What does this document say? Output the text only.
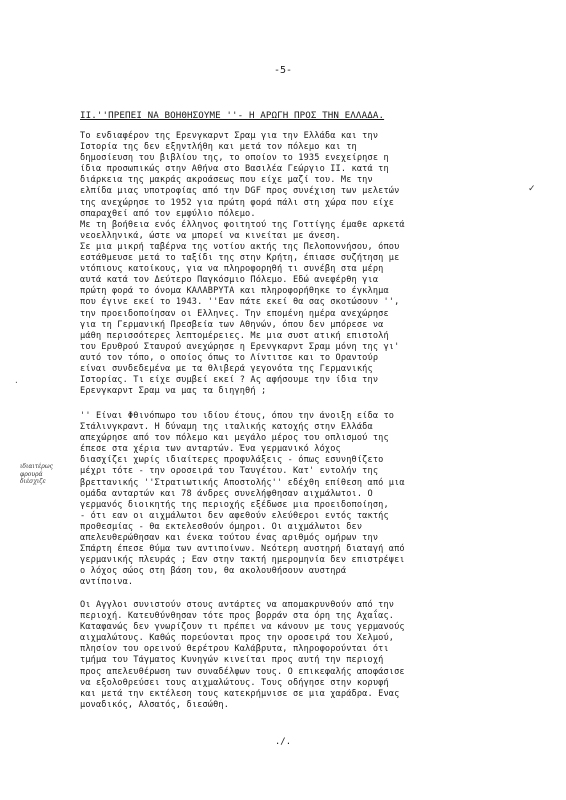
-5-
II.''ΠΡΕΠΕΙ ΝΑ ΒΟΗΘΗΣΟΥΜΕ ''- Η ΑΡΩΓΗ ΠΡΟΣ ΤΗΝ ΕΛΛΑΔΑ.
✓
·
Το ενδιαφέρον της Ερενγκαρντ Σραμ για την Ελλάδα και την
Ιστορία της δεν εξηντλήθη και μετά τον πόλεμο και τη
δημοσίευση του βιβλίου της, το οποίον το 1935 ενεχείρησε η
ίδια προσωπικώς στην Αθήνα στο Βασιλέα Γεώργιο ΙΙ. κατά τη
διάρκεια της μακράς ακροάσεως που είχε μαζί του. Με την
ελπίδα μιας υποτροφίας από την DGF προς συνέχιση των μελετών
της ανεχώρησε το 1952 για πρώτη φορά πάλι στη χώρα που είχε
σπαραχθεί από τον εμφύλιο πόλεμο.
Με τη βοήθεια ενός έλληνος φοιτητού της Γοττίγης έμαθε αρκετά
νεοελληνικά, ώστε να μπορεί να κινείται με άνεση.
Σε μια μικρή ταβέρνα της νοτίου ακτής της Πελοποννήσου, όπου
εστάθμευσε μετά το ταξίδι της στην Κρήτη, έπιασε συζήτηση με
ντόπιους κατοίκους, για να πληροφορηθή τι συνέβη στα μέρη
αυτά κατά τον Δεύτερο Παγκόσμιο Πόλεμο. Εδώ ανεφέρθη για
πρώτη φορά το όνομα ΚΑΛΑΒΡΥΤΑ και πληροφορήθηκε το έγκλημα
που έγινε εκεί το 1943. ''Εαν πάτε εκεί θα σας σκοτώσουν '',
την προειδοποίησαν οι Ελληνες. Την επομένη ημέρα ανεχώρησε
για τη Γερμανική Πρεσβεία των Αθηνών, όπου δεν μπόρεσε να
μάθη περισσότερες λεπτομέρειες. Με μια συστ ατική επιστολή
του Ερυθρού Σταυρού ανεχώρησε η Ερενγκαρντ Σραμ μόνη της γι'
αυτό τον τόπο, ο οποίος όπως το Λίντιτσε και το Οραντούρ
είναι συνδεδεμένα με τα θλιβερά γεγονότα της Γερμανικής
Ιστορίας. Τι είχε συμβεί εκεί ? Ας αφήσουμε την ίδια την
Ερενγκαρντ Σραμ να μας τα διηγηθή ;
ιδιαιτέρως
φρουρά
διέσχιζε
'' Είναι Φθινόπωρο του ιδίου έτους, όπου την άνοιξη είδα το
Στάλινγκραντ. Η δύναμη της ιταλικής κατοχής στην Ελλάδα
απεχώρησε από τον πόλεμο και μεγάλο μέρος του οπλισμού της
έπεσε στα χέρια των ανταρτών. Ένα γερμανικό λόχος
διασχίζει χωρίς ιδιαίτερες προφυλάξεις - όπως εσυνηθίζετο
μέχρι τότε - την οροσειρά του Ταυγέτου. Κατ' εντολήν της
βρεττανικής ''Στρατιωτικής Αποστολής'' εδέχθη επίθεση από μια
ομάδα ανταρτών και 78 άνδρες συνελήφθησαν αιχμάλωτοι. Ο
γερμανός διοικητής της περιοχής εξέδωσε μια προειδοποίηση,
- ότι εαν οι αιχμάλωτοι δεν αφεθούν ελεύθεροι εντός τακτής
προθεσμίας - θα εκτελεσθούν όμηροι. Οι αιχμάλωτοι δεν
απελευθερώθησαν και ένεκα τούτου ένας αριθμός ομήρων την
Σπάρτη έπεσε θύμα των αντιποίνων. Νεότερη αυστηρή διαταγή από
γερμανικής πλευράς ; Εαν στην τακτή ημερομηνία δεν επιστρέψει
ο λόχος σώος στη βάση του, θα ακολουθήσουν αυστηρά
αντίποινα.
Οι Αγγλοι συνιστούν στους αντάρτες να απομακρυνθούν από την
περιοχή. Κατευθύνθησαν τότε προς βορράν στα όρη της Αχαΐας.
Καταφανώς δεν γνωρίζουν τι πρέπει να κάνουν με τους γερμανούς
αιχμαλώτους. Καθώς πορεύονται προς την οροσειρά του Χελμού,
πλησίον του ορεινού θερέτρου Καλάβρυτα, πληροφορούνται ότι
τμήμα του Τάγματος Κυνηγών κινείται προς αυτή την περιοχή
προς απελευθέρωση των συναδέλφων τους. Ο επικεφαλής αποφάσισε
να εξολοθρεύσει τους αιχμαλώτους. Τους οδήγησε στην κορυφή
και μετά την εκτέλεση τους κατεκρήμνισε σε μια χαράδρα. Ενας
μοναδικός, Αλσατός, διεσώθη.
./.
